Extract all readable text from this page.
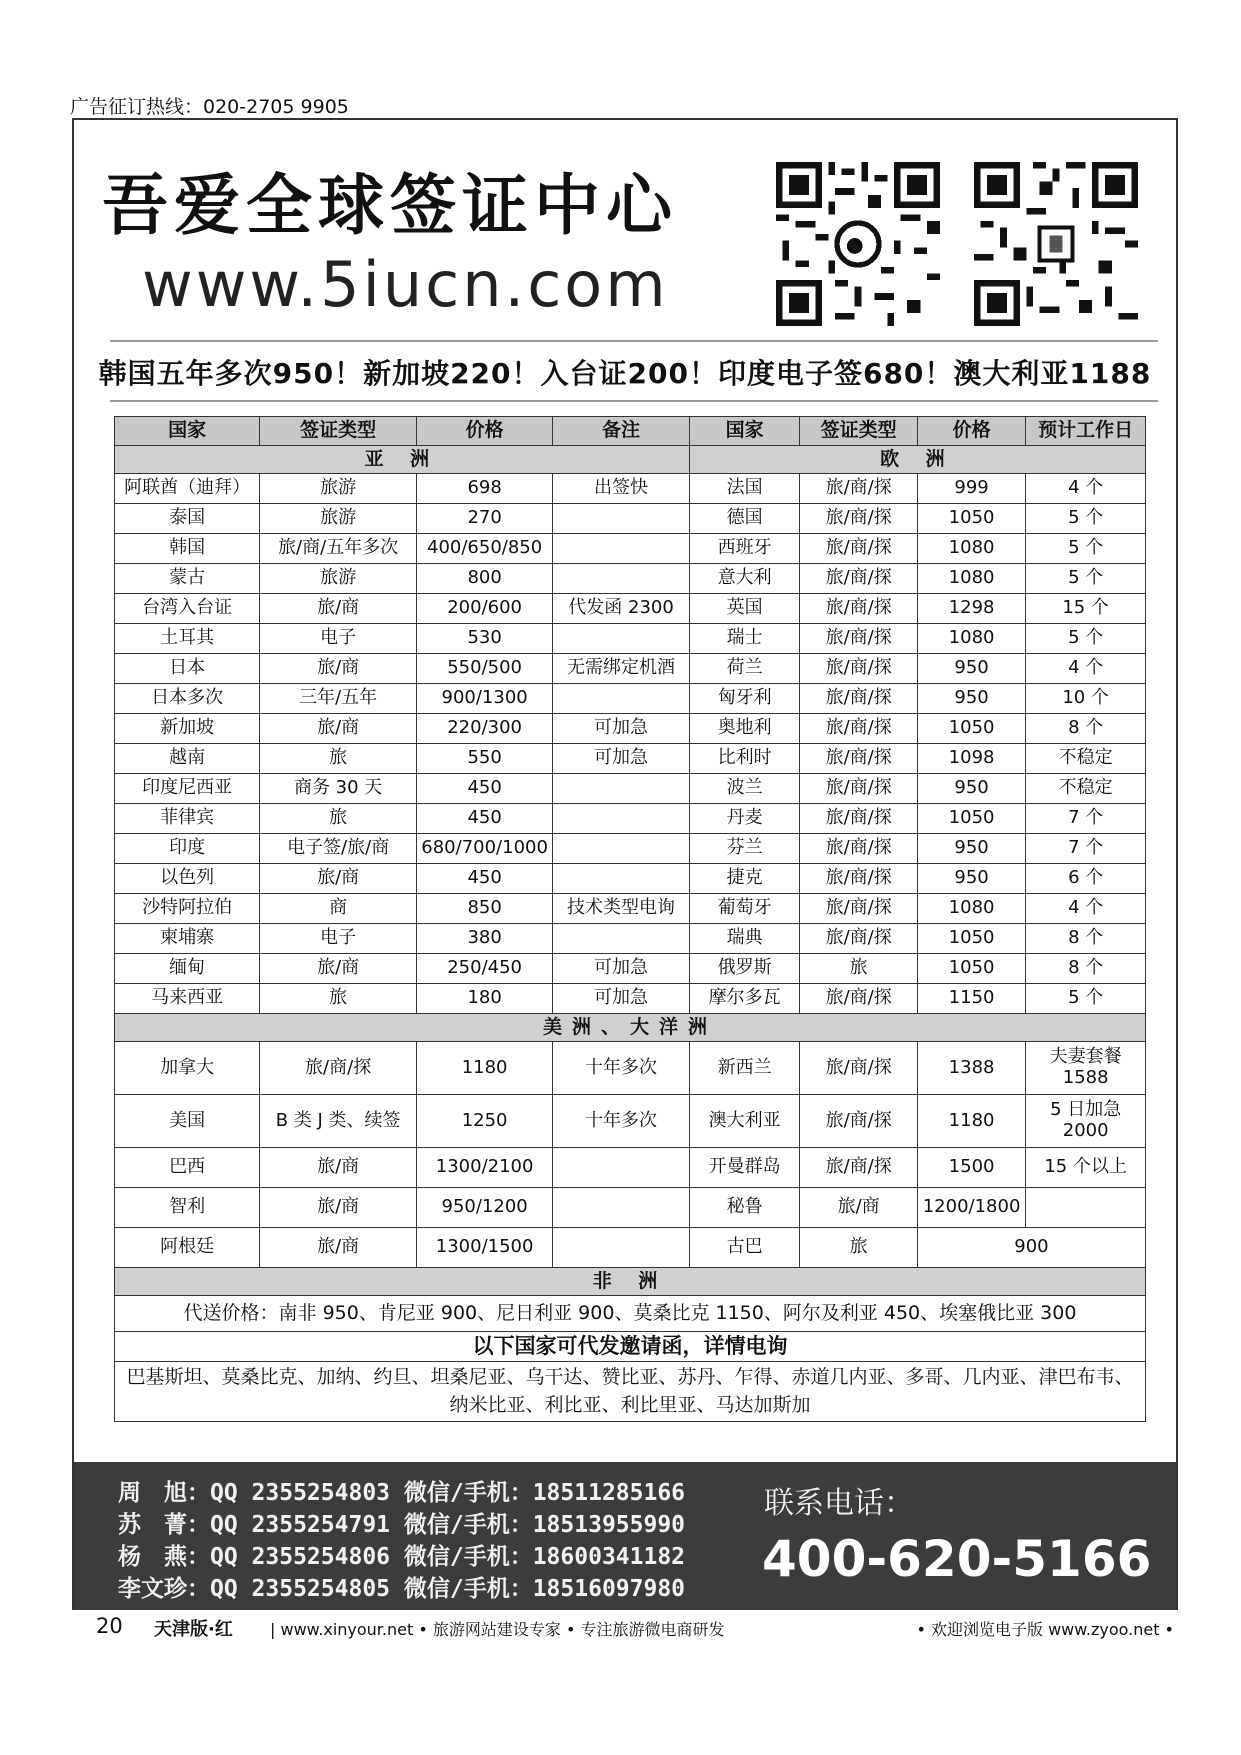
广告征订热线：020-2705 9905
吾爱全球签证中心
www.5iucn.com
韩国五年多次950！新加坡220！入台证200！印度电子签680！澳大利亚1188
国家	签证类型	价格	备注	国家	签证类型	价格	预计工作日
亚 洲				欧 洲			
阿联酋（迪拜）	旅游	698	出签快	法国	旅/商/探	999	4 个
泰国	旅游	270		德国	旅/商/探	1050	5 个
韩国	旅/商/五年多次	400/650/850		西班牙	旅/商/探	1080	5 个
蒙古	旅游	800		意大利	旅/商/探	1080	5 个
台湾入台证	旅/商	200/600	代发函 2300	英国	旅/商/探	1298	15 个
土耳其	电子	530		瑞士	旅/商/探	1080	5 个
日本	旅/商	550/500	无需绑定机酒	荷兰	旅/商/探	950	4 个
日本多次	三年/五年	900/1300		匈牙利	旅/商/探	950	10 个
新加坡	旅/商	220/300	可加急	奥地利	旅/商/探	1050	8 个
越南	旅	550	可加急	比利时	旅/商/探	1098	不稳定
印度尼西亚	商务 30 天	450		波兰	旅/商/探	950	不稳定
菲律宾	旅	450		丹麦	旅/商/探	1050	7 个
印度	电子签/旅/商	680/700/1000		芬兰	旅/商/探	950	7 个
以色列	旅/商	450		捷克	旅/商/探	950	6 个
沙特阿拉伯	商	850	技术类型电询	葡萄牙	旅/商/探	1080	4 个
柬埔寨	电子	380		瑞典	旅/商/探	1050	8 个
缅甸	旅/商	250/450	可加急	俄罗斯	旅	1050	8 个
马来西亚	旅	180	可加急	摩尔多瓦	旅/商/探	1150	5 个
美洲、大洋洲							
加拿大	旅/商/探	1180	十年多次	新西兰	旅/商/探	1388	夫妻套餐 1588
美国	B 类 J 类、续签	1250	十年多次	澳大利亚	旅/商/探	1180	5 日加急 2000
巴西	旅/商	1300/2100		开曼群岛	旅/商/探	1500	15 个以上
智利	旅/商	950/1200		秘鲁	旅/商	1200/1800	
阿根廷	旅/商	1300/1500		古巴	旅	900	
非 洲							
代送价格：南非 950、肯尼亚 900、尼日利亚 900、莫桑比克 1150、阿尔及利亚 450、埃塞俄比亚 300							
以下国家可代发邀请函，详情电询							
巴基斯坦、莫桑比克、加纳、约旦、坦桑尼亚、乌干达、赞比亚、苏丹、乍得、赤道几内亚、多哥、几内亚、津巴布韦、纳米比亚、利比亚、利比里亚、马达加斯加							
周　旭：QQ 2355254803 微信/手机：18511285166
苏　菁：QQ 2355254791 微信/手机：18513955990
杨　燕：QQ 2355254806 微信/手机：18600341182
李文珍：QQ 2355254805 微信/手机：18516097980
联系电话：
400-620-5166
20 天津版·红 | www.xinyour.net • 旅游网站建设专家 • 专注旅游微电商研发	• 欢迎浏览电子版 www.zyoo.net •
